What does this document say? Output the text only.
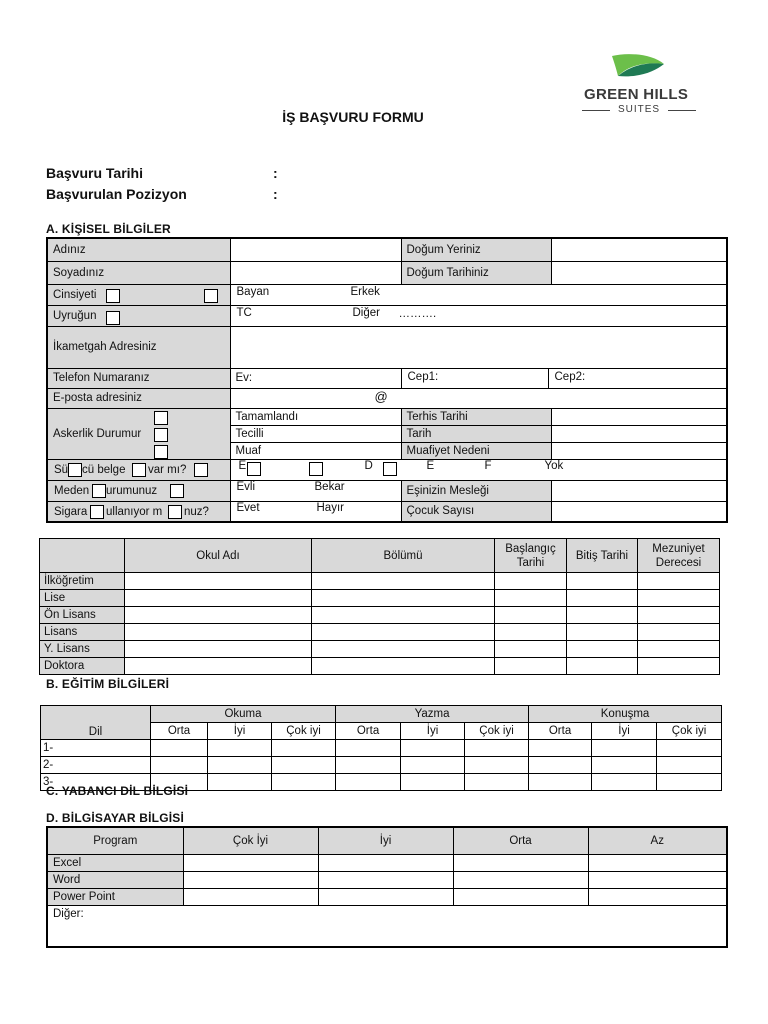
GREEN HILLS
SUITES
İŞ BAŞVURU FORMU
Başvuru Tarihi	:
Başvurulan Pozizyon	:
A. KİŞİSEL BİLGİLER
Adınız		Doğum Yeriniz	
Soyadınız		Doğum Tarihiniz	
Cinsiyeti	Bayan Erkek		

Uyruğun	TC Diğer ……….		

İkametgah Adresiniz			
Telefon Numaranız	Ev:	Cep1: Cep2:	

E-posta adresiniz	@		

Askerlik Durumur	Tamamlandı	Terhis Tarihi	
	Tecilli	Tarih	
	Muaf	Muafiyet Nedeni	

Sü cü belge var mı?	E D E F Yok		

Meden urumunuz	Evli Bekar	Eşinizin Mesleği	

Sigara ullanıyor m nuz?	Evet Hayır	Çocuk Sayısı	
	Okul Adı	Bölümü	Başlangıç Tarihi	Bitiş Tarihi	Mezuniyet Derecesi
İlköğretim					
Lise					
Ön Lisans					
Lisans					
Y. Lisans					
Doktora					
B. EĞİTİM BİLGİLERİ
Dil	Okuma			Yazma			Konuşma		
	Orta	İyi	Çok iyi	Orta	İyi	Çok iyi	Orta	İyi	Çok iyi
1-									
2-									
3-									
C. YABANCI DİL BİLGİSİ
D. BİLGİSAYAR BİLGİSİ
Program	Çok İyi	İyi	Orta	Az
Excel				
Word				
Power Point				
Diğer:				
